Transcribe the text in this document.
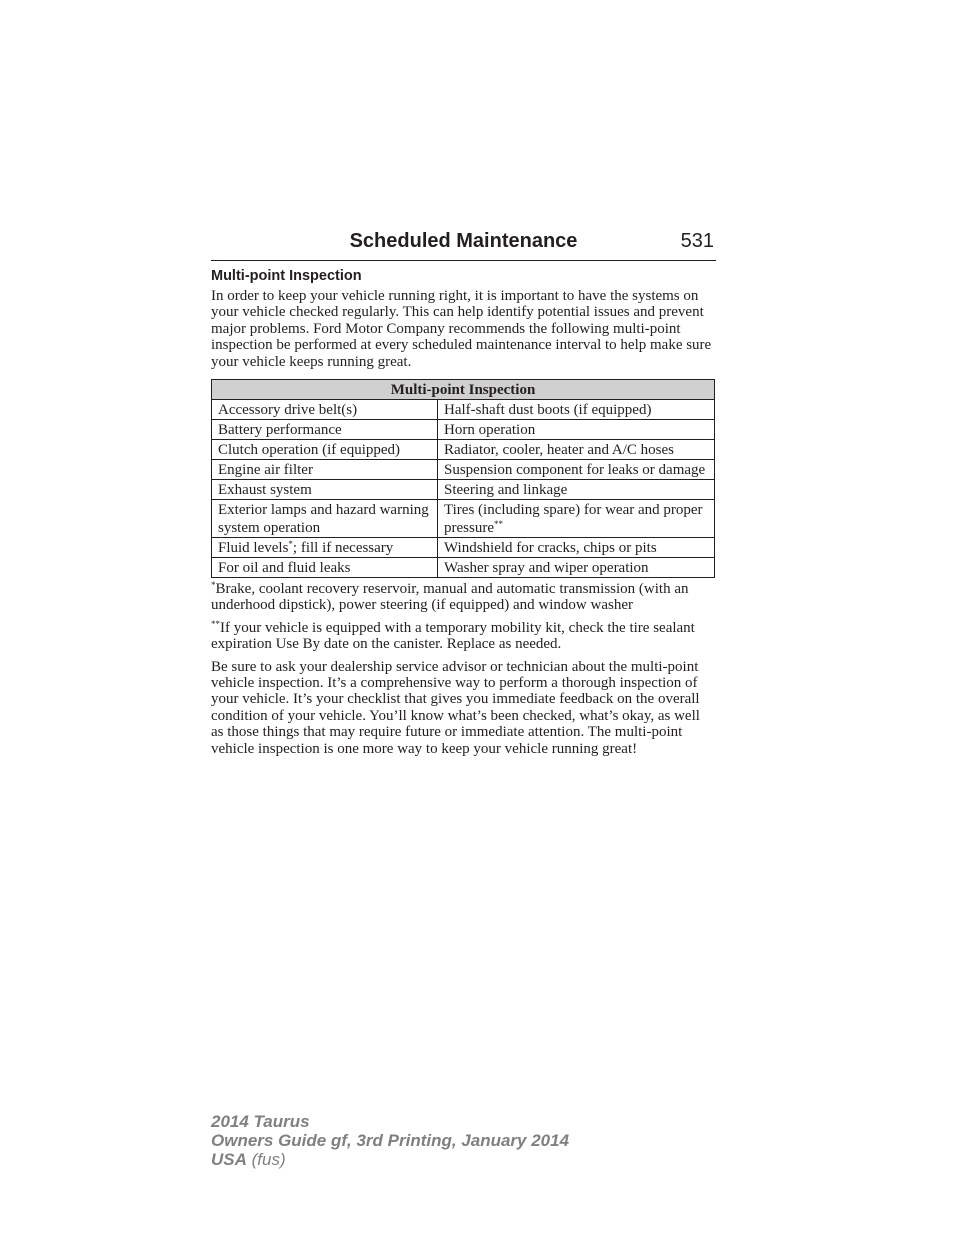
Scheduled Maintenance	531
Multi-point Inspection

In order to keep your vehicle running right, it is important to have the systems on your vehicle checked regularly. This can help identify potential issues and prevent major problems. Ford Motor Company recommends the following multi-point inspection be performed at every scheduled maintenance interval to help make sure your vehicle keeps running great.

Multi-point Inspection	
Accessory drive belt(s)	Half-shaft dust boots (if equipped)
Battery performance	Horn operation
Clutch operation (if equipped)	Radiator, cooler, heater and A/C hoses
Engine air filter	Suspension component for leaks or damage
Exhaust system	Steering and linkage
Exterior lamps and hazard warning system operation	Tires (including spare) for wear and proper pressure**
Fluid levels*; fill if necessary	Windshield for cracks, chips or pits
For oil and fluid leaks	Washer spray and wiper operation

*Brake, coolant recovery reservoir, manual and automatic transmission (with an underhood dipstick), power steering (if equipped) and window washer

**If your vehicle is equipped with a temporary mobility kit, check the tire sealant expiration Use By date on the canister. Replace as needed.

Be sure to ask your dealership service advisor or technician about the multi-point vehicle inspection. It’s a comprehensive way to perform a thorough inspection of your vehicle. It’s your checklist that gives you immediate feedback on the overall condition of your vehicle. You’ll know what’s been checked, what’s okay, as well as those things that may require future or immediate attention. The multi-point vehicle inspection is one more way to keep your vehicle running great!

2014 Taurus
Owners Guide gf, 3rd Printing, January 2014
USA (fus)
